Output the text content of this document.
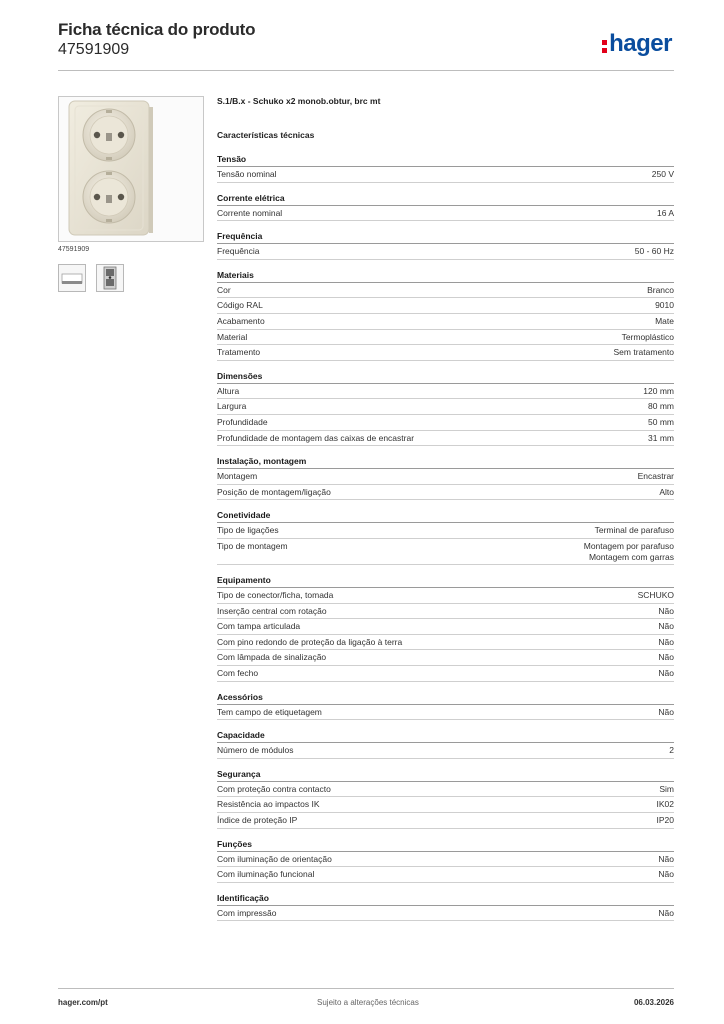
Ficha técnica do produto
47591909	hager
47591909
S.1/B.x - Schuko x2 monob.obtur, brc mt
Características técnicas
Tensão
Tensão nominal	250 V
Corrente elétrica
Corrente nominal	16 A
Frequência
Frequência	50 - 60 Hz
Materiais
Cor	Branco
Código RAL	9010
Acabamento	Mate
Material	Termoplástico
Tratamento	Sem tratamento
Dimensões
Altura	120 mm
Largura	80 mm
Profundidade	50 mm
Profundidade de montagem das caixas de encastrar	31 mm
Instalação, montagem
Montagem	Encastrar
Posição de montagem/ligação	Alto
Conetividade
Tipo de ligações	Terminal de parafuso
Tipo de montagem	Montagem por parafuso
Montagem com garras
Equipamento
Tipo de conector/ficha, tomada	SCHUKO
Inserção central com rotação	Não
Com tampa articulada	Não
Com pino redondo de proteção da ligação à terra	Não
Com lâmpada de sinalização	Não
Com fecho	Não
Acessórios
Tem campo de etiquetagem	Não
Capacidade
Número de módulos	2
Segurança
Com proteção contra contacto	Sim
Resistência ao impactos IK	IK02
Índice de proteção IP	IP20
Funções
Com iluminação de orientação	Não
Com iluminação funcional	Não
Identificação
Com impressão	Não
hager.com/pt	Sujeito a alterações técnicas	06.03.2026
